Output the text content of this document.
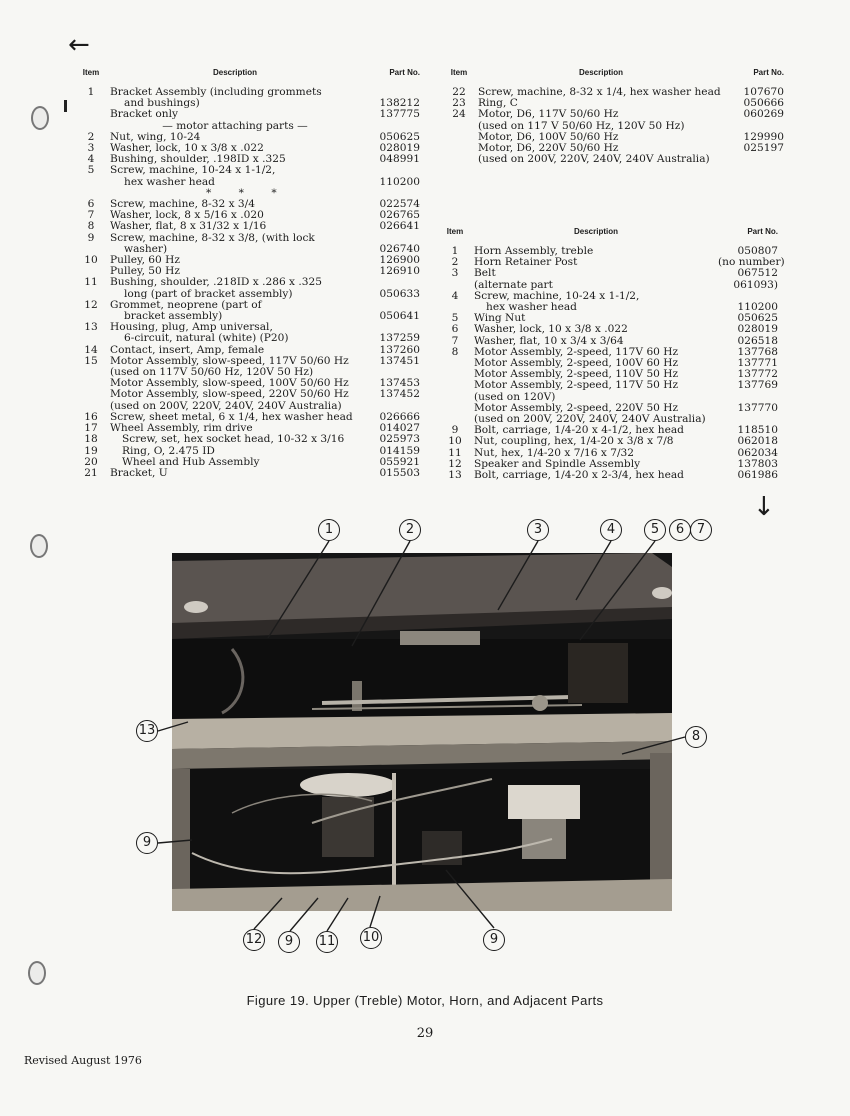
←
↓
Item	Description	Part No.
1	Bracket Assembly (including grommets
and bushings)	138212
Bracket only	137775
— motor attaching parts —
2	Nut, wing, 10-24	050625
3	Washer, lock, 10 x 3/8 x .022	028019
4	Bushing, shoulder, .198ID x .325	048991
5	Screw, machine, 10-24 x 1-1/2,
hex washer head	110200
* * *
6	Screw, machine, 8-32 x 3/4	022574
7	Washer, lock, 8 x 5/16 x .020	026765
8	Washer, flat, 8 x 31/32 x 1/16	026641
9	Screw, machine, 8-32 x 3/8, (with lock
washer)	026740
10	Pulley, 60 Hz	126900
Pulley, 50 Hz	126910
11	Bushing, shoulder, .218ID x .286 x .325
long (part of bracket assembly)	050633
12	Grommet, neoprene (part of
bracket assembly)	050641
13	Housing, plug, Amp universal,
6-circuit, natural (white) (P20)	137259
14	Contact, insert, Amp, female	137260
15	Motor Assembly, slow-speed, 117V 50/60 Hz	137451
(used on 117V 50/60 Hz, 120V 50 Hz)
Motor Assembly, slow-speed, 100V 50/60 Hz	137453
Motor Assembly, slow-speed, 220V 50/60 Hz	137452
(used on 200V, 220V, 240V, 240V Australia)
16	Screw, sheet metal, 6 x 1/4, hex washer head	026666
17	Wheel Assembly, rim drive	014027
18	Screw, set, hex socket head, 10-32 x 3/16	025973
19	Ring, O, 2.475 ID	014159
20	Wheel and Hub Assembly	055921
21	Bracket, U	015503
Item	Description	Part No.
22	Screw, machine, 8-32 x 1/4, hex washer head	107670
23	Ring, C	050666
24	Motor, D6, 117V 50/60 Hz	060269
(used on 117 V 50/60 Hz, 120V 50 Hz)
Motor, D6, 100V 50/60 Hz	129990
Motor, D6, 220V 50/60 Hz	025197
(used on 200V, 220V, 240V, 240V Australia)
Item	Description	Part No.
1	Horn Assembly, treble	050807
2	Horn Retainer Post	(no number)
3	Belt	067512
(alternate part	061093)
4	Screw, machine, 10-24 x 1-1/2,
hex washer head	110200
5	Wing Nut	050625
6	Washer, lock, 10 x 3/8 x .022	028019
7	Washer, flat, 10 x 3/4 x 3/64	026518
8	Motor Assembly, 2-speed, 117V 60 Hz	137768
Motor Assembly, 2-speed, 100V 60 Hz	137771
Motor Assembly, 2-speed, 110V 50 Hz	137772
Motor Assembly, 2-speed, 117V 50 Hz	137769
(used on 120V)
Motor Assembly, 2-speed, 220V 50 Hz	137770
(used on 200V, 220V, 240V, 240V Australia)
9	Bolt, carriage, 1/4-20 x 4-1/2, hex head	118510
10	Nut, coupling, hex, 1/4-20 x 3/8 x 7/8	062018
11	Nut, hex, 1/4-20 x 7/16 x 7/32	062034
12	Speaker and Spindle Assembly	137803
13	Bolt, carriage, 1/4-20 x 2-3/4, hex head	061986
1	2	3	4	5	6 7
8
9
9	9
10
11
12
13
Figure 19. Upper (Treble) Motor, Horn, and Adjacent Parts
29
Revised August 1976
